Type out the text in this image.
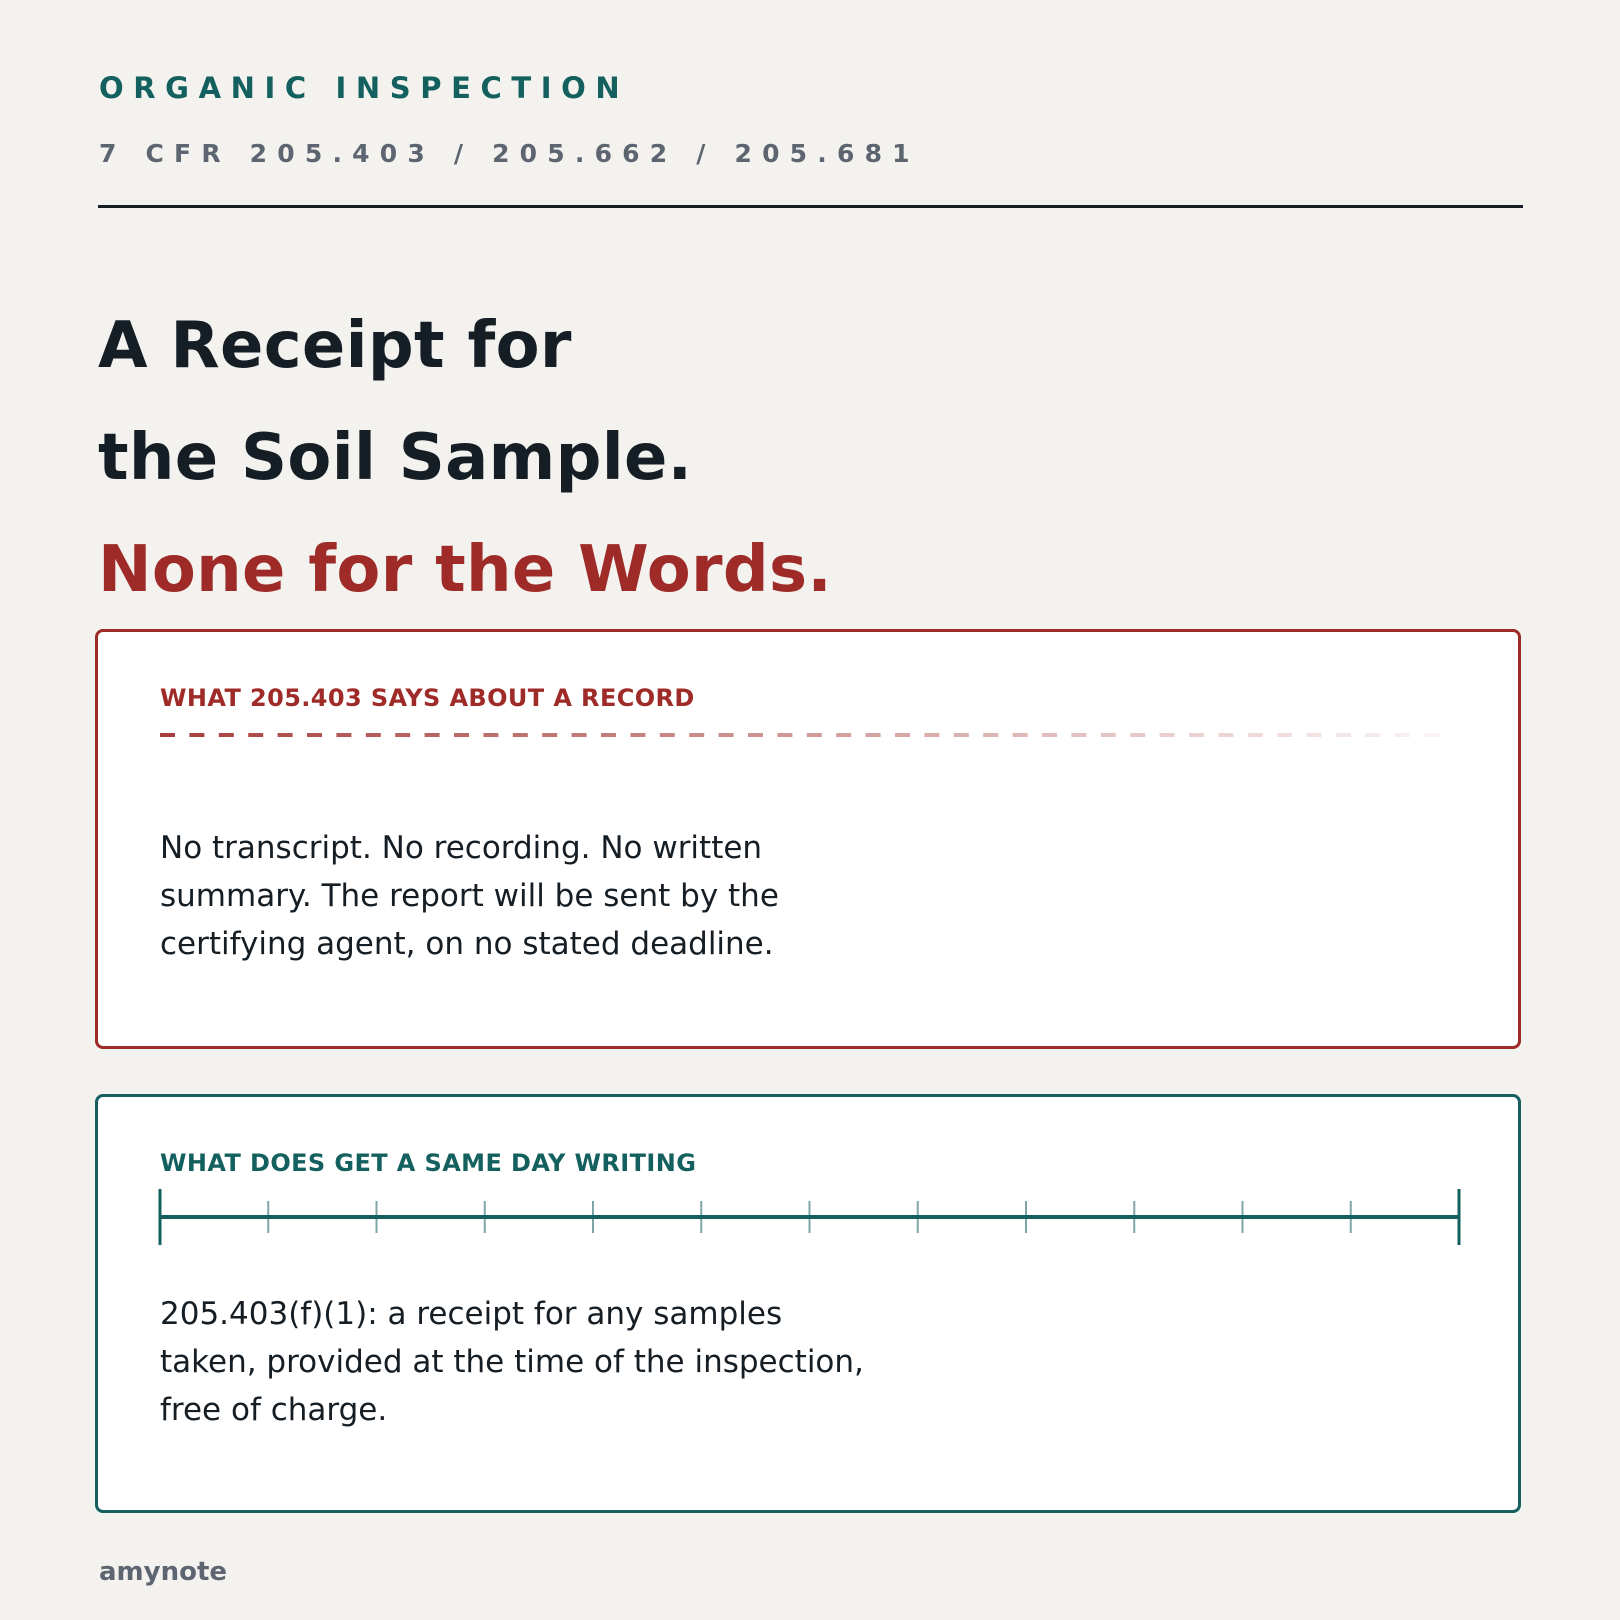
ORGANIC INSPECTION
7 CFR 205.403 / 205.662 / 205.681
A Receipt for
the Soil Sample.
None for the Words.
WHAT 205.403 SAYS ABOUT A RECORD
No transcript. No recording. No written summary. The report will be sent by the certifying agent, on no stated deadline.
WHAT DOES GET A SAME DAY WRITING
205.403(f)(1): a receipt for any samples taken, provided at the time of the inspection, free of charge.
amynote
